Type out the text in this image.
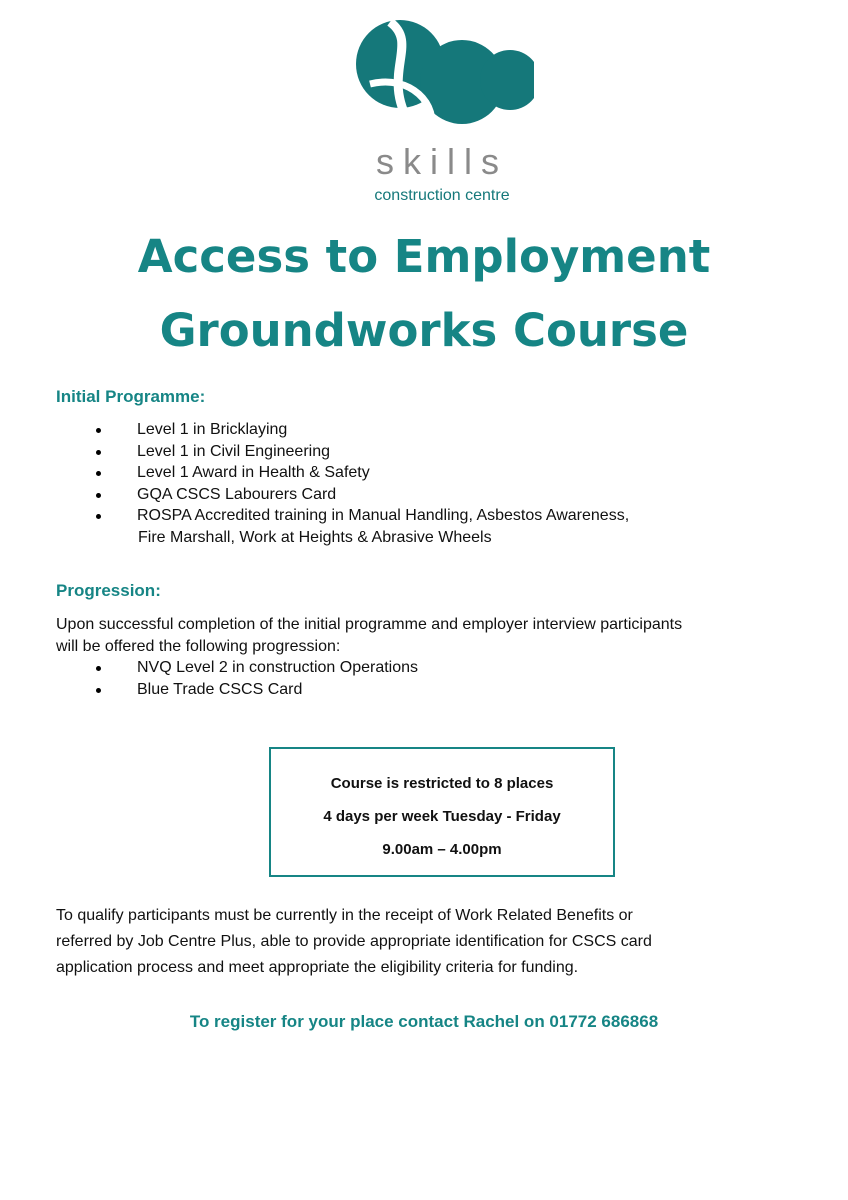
skills
construction centre
Access to Employment
Groundworks Course
Initial Programme:
Level 1 in Bricklaying
Level 1 in Civil Engineering
Level 1 Award in Health & Safety
GQA CSCS Labourers Card
ROSPA Accredited training in Manual Handling, Asbestos Awareness,
Fire Marshall, Work at Heights & Abrasive Wheels
Progression:
Upon successful completion of the initial programme and employer interview participants
will be offered the following progression:
NVQ Level 2 in construction Operations
Blue Trade CSCS Card
Course is restricted to 8 places
4 days per week Tuesday - Friday
9.00am – 4.00pm
To qualify participants must be currently in the receipt of Work Related Benefits or
referred by Job Centre Plus, able to provide appropriate identification for CSCS card
application process and meet appropriate the eligibility criteria for funding.
To register for your place contact Rachel on 01772 686868
